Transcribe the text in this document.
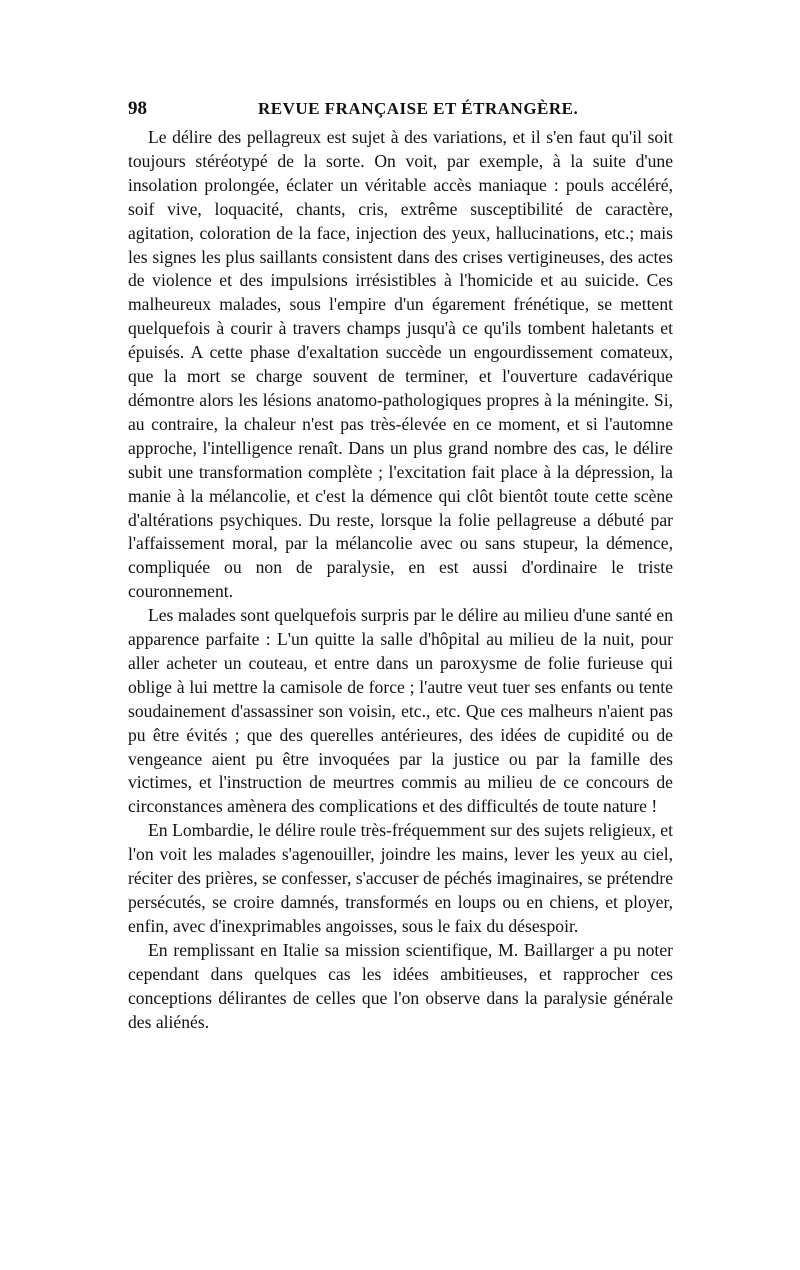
98	REVUE FRANÇAISE ET ÉTRANGÈRE.

Le délire des pellagreux est sujet à des variations, et il s'en faut qu'il soit toujours stéréotypé de la sorte. On voit, par exemple, à la suite d'une insolation prolongée, éclater un véritable accès maniaque : pouls accéléré, soif vive, loquacité, chants, cris, extrême susceptibilité de caractère, agitation, coloration de la face, injection des yeux, hallucinations, etc.; mais les signes les plus saillants consistent dans des crises vertigineuses, des actes de violence et des impulsions irrésistibles à l'homicide et au suicide. Ces malheureux malades, sous l'empire d'un égarement frénétique, se mettent quelquefois à courir à travers champs jusqu'à ce qu'ils tombent haletants et épuisés. A cette phase d'exaltation succède un engourdissement comateux, que la mort se charge souvent de terminer, et l'ouverture cadavérique démontre alors les lésions anatomo-pathologiques propres à la méningite. Si, au contraire, la chaleur n'est pas très-élevée en ce moment, et si l'automne approche, l'intelligence renaît. Dans un plus grand nombre des cas, le délire subit une transformation complète ; l'excitation fait place à la dépression, la manie à la mélancolie, et c'est la démence qui clôt bientôt toute cette scène d'altérations psychiques. Du reste, lorsque la folie pellagreuse a débuté par l'affaissement moral, par la mélancolie avec ou sans stupeur, la démence, compliquée ou non de paralysie, en est aussi d'ordinaire le triste couronnement.

Les malades sont quelquefois surpris par le délire au milieu d'une santé en apparence parfaite : L'un quitte la salle d'hôpital au milieu de la nuit, pour aller acheter un couteau, et entre dans un paroxysme de folie furieuse qui oblige à lui mettre la camisole de force ; l'autre veut tuer ses enfants ou tente soudainement d'assassiner son voisin, etc., etc. Que ces malheurs n'aient pas pu être évités ; que des querelles antérieures, des idées de cupidité ou de vengeance aient pu être invoquées par la justice ou par la famille des victimes, et l'instruction de meurtres commis au milieu de ce concours de circonstances amènera des complications et des difficultés de toute nature !

En Lombardie, le délire roule très-fréquemment sur des sujets religieux, et l'on voit les malades s'agenouiller, joindre les mains, lever les yeux au ciel, réciter des prières, se confesser, s'accuser de péchés imaginaires, se prétendre persécutés, se croire damnés, transformés en loups ou en chiens, et ployer, enfin, avec d'inexprimables angoisses, sous le faix du désespoir.

En remplissant en Italie sa mission scientifique, M. Baillarger a pu noter cependant dans quelques cas les idées ambitieuses, et rapprocher ces conceptions délirantes de celles que l'on observe dans la paralysie générale des aliénés.
